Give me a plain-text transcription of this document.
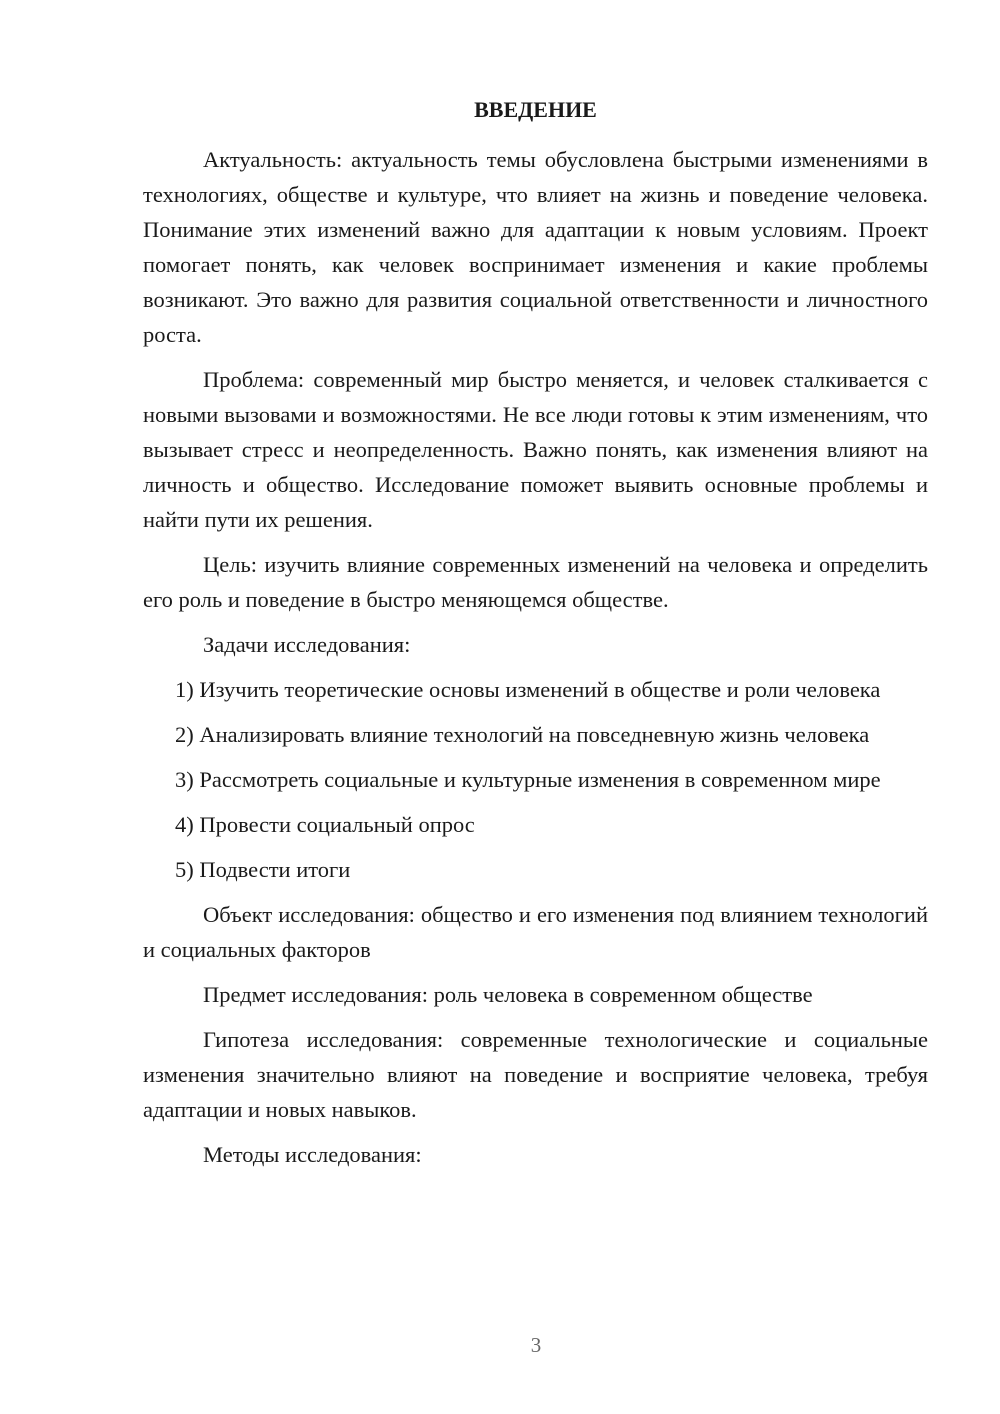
ВВЕДЕНИЕ

Актуальность: актуальность темы обусловлена быстрыми изменениями в технологиях, обществе и культуре, что влияет на жизнь и поведение человека. Понимание этих изменений важно для адаптации к новым условиям. Проект помогает понять, как человек воспринимает изменения и какие проблемы возникают. Это важно для развития социальной ответственности и личностного роста.

Проблема: современный мир быстро меняется, и человек сталкивается с новыми вызовами и возможностями. Не все люди готовы к этим изменениям, что вызывает стресс и неопределенность. Важно понять, как изменения влияют на личность и общество. Исследование поможет выявить основные проблемы и найти пути их решения.

Цель: изучить влияние современных изменений на человека и определить его роль и поведение в быстро меняющемся обществе.

Задачи исследования:

1) Изучить теоретические основы изменений в обществе и роли человека

2) Анализировать влияние технологий на повседневную жизнь человека

3) Рассмотреть социальные и культурные изменения в современном мире

4) Провести социальный опрос

5) Подвести итоги

Объект исследования: общество и его изменения под влиянием технологий и социальных факторов

Предмет исследования: роль человека в современном обществе

Гипотеза исследования: современные технологические и социальные изменения значительно влияют на поведение и восприятие человека, требуя адаптации и новых навыков.

Методы исследования:

3
